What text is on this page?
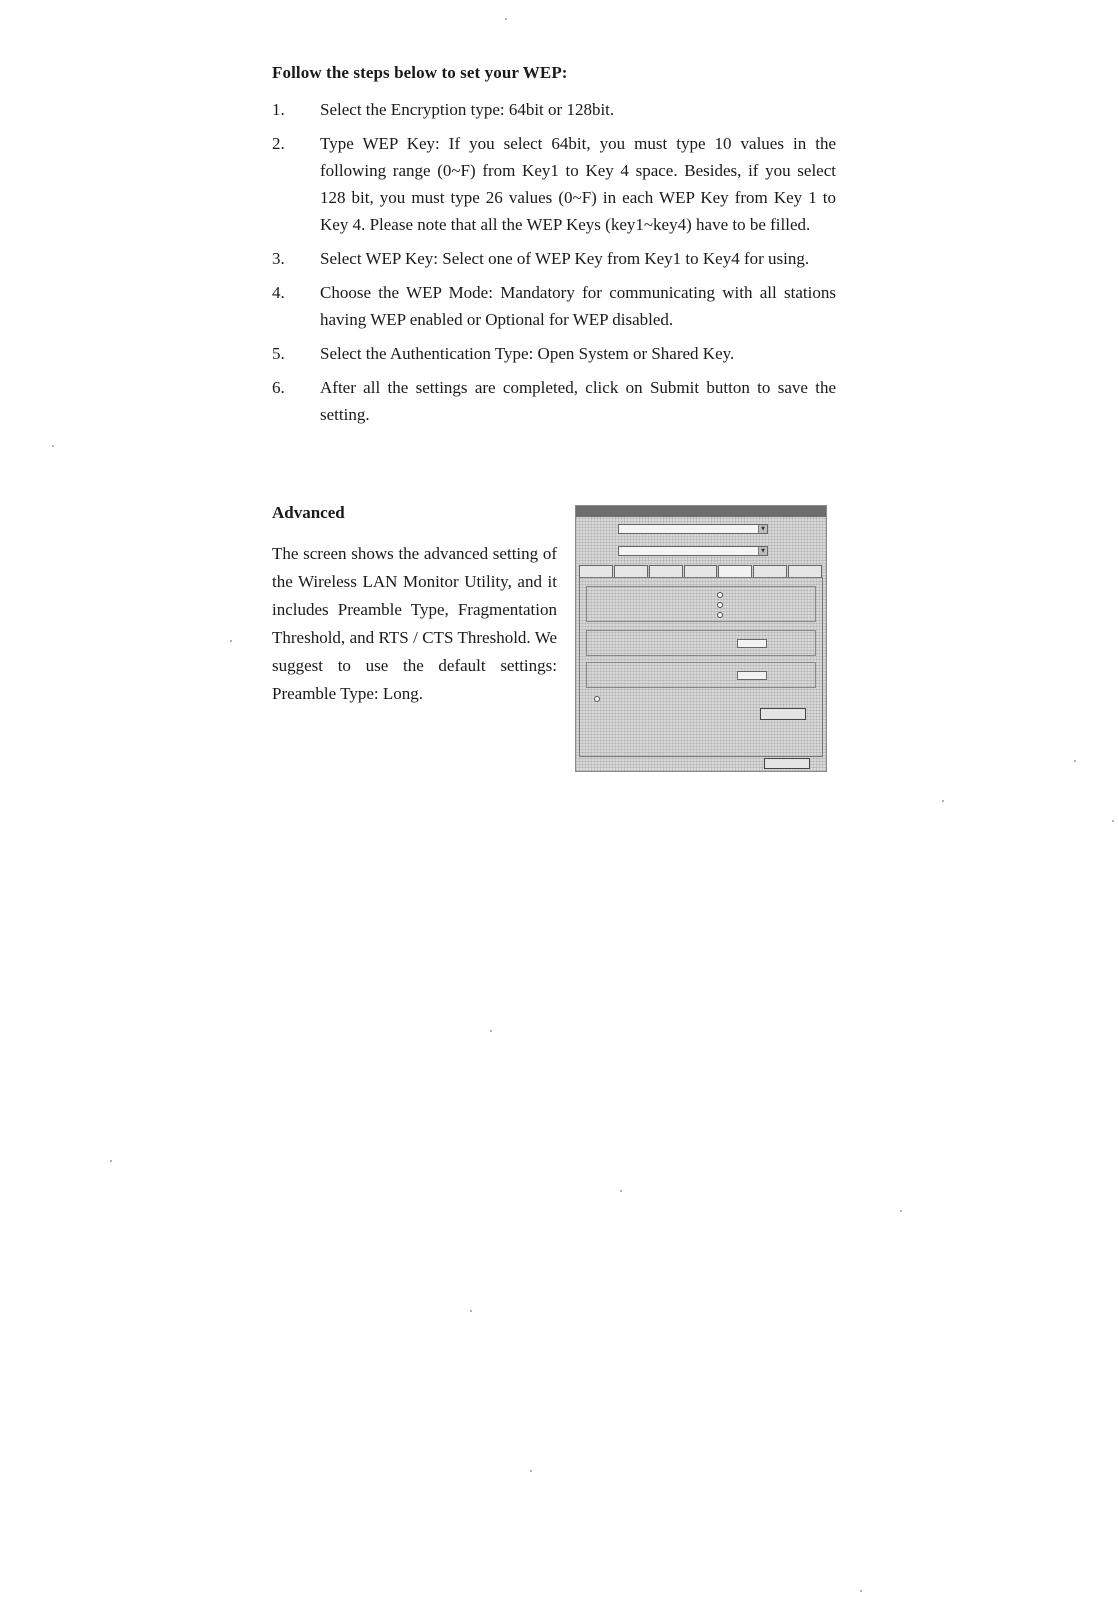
Follow the steps below to set your WEP:
1.	Select the Encryption type: 64bit or 128bit.
2.	Type WEP Key: If you select 64bit, you must type 10 values in the following range (0~F) from Key1 to Key 4 space. Besides, if you select 128 bit, you must type 26 values (0~F) in each WEP Key from Key 1 to Key 4. Please note that all the WEP Keys (key1~key4) have to be filled.
3.	Select WEP Key: Select one of WEP Key from Key1 to Key4 for using.
4.	Choose the WEP Mode: Mandatory for communicating with all stations having WEP enabled or Optional for WEP disabled.
5.	Select the Authentication Type: Open System or Shared Key.
6.	After all the settings are completed, click on Submit button to save the setting.
Advanced
The screen shows the advanced setting of the Wireless LAN Monitor Utility, and it includes Preamble Type, Fragmentation Threshold, and RTS / CTS Threshold. We suggest to use the default settings: Preamble Type: Long.
▼
▼
